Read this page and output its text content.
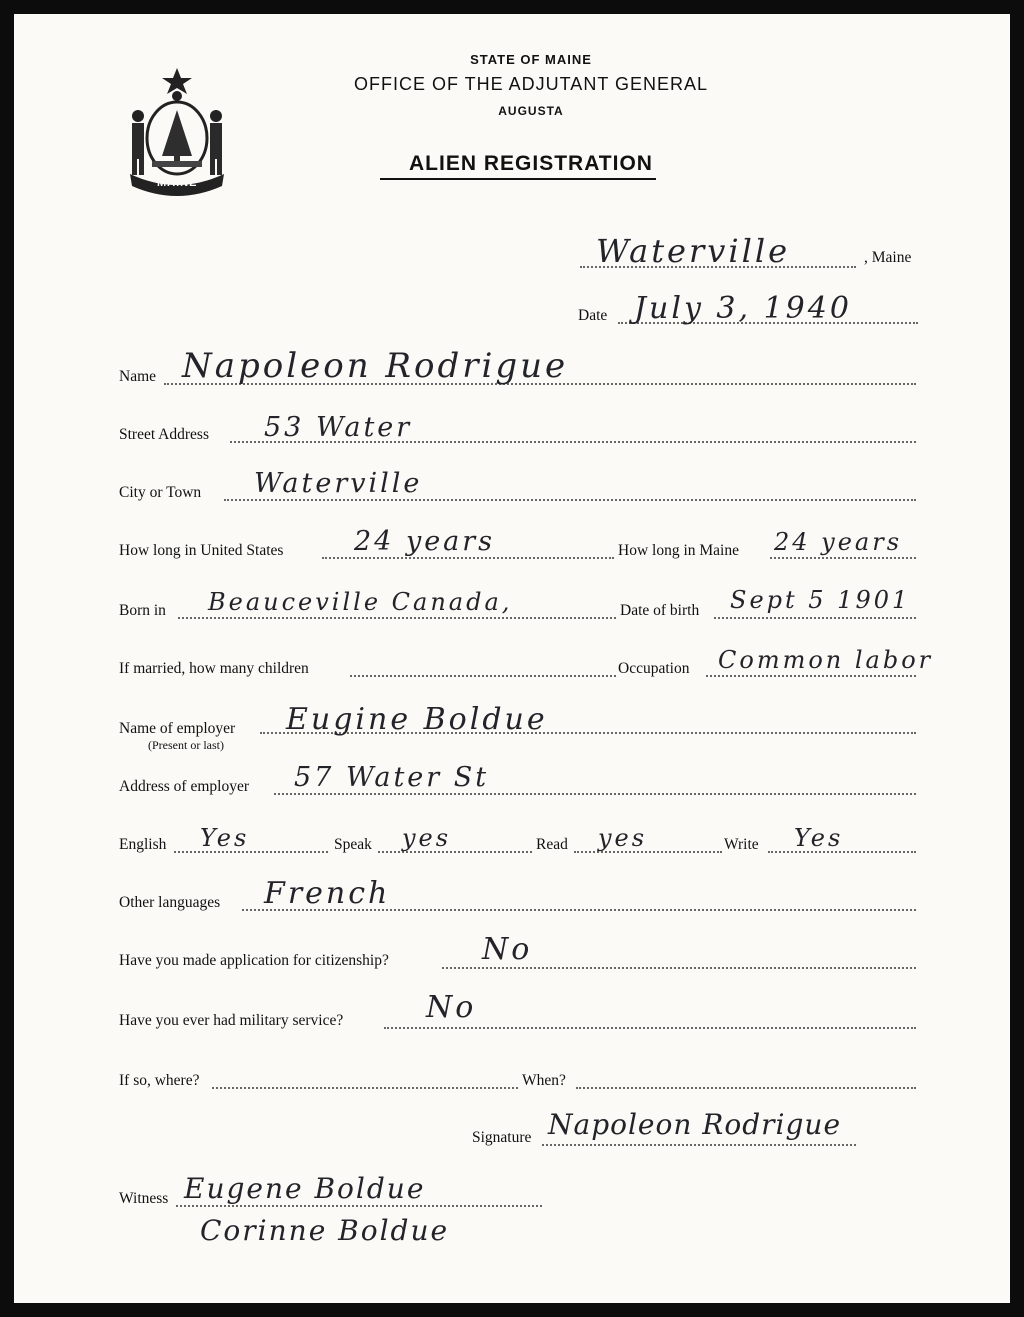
MAINE
STATE OF MAINE
OFFICE OF THE ADJUTANT GENERAL
AUGUSTA
ALIEN REGISTRATION
Waterville	, Maine
Date July 3, 1940
Name Napoleon Rodrigue
Street Address 53 Water
City or Town Waterville
How long in United States	24 years	How long in Maine 24 years
Born in Beauceville Canada,	Date of birth Sept 5 1901
If married, how many children	Occupation Common labor
Name of employer
(Present or last)
Eugine Boldue
Address of employer 57 Water St
English Yes	Speak yes	Read yes	Write Yes
Other languages French
Have you made application for citizenship?	No
Have you ever had military service?	No
If so, where?	When?
Signature Napoleon Rodrigue
Witness Eugene Boldue
Corinne Boldue
